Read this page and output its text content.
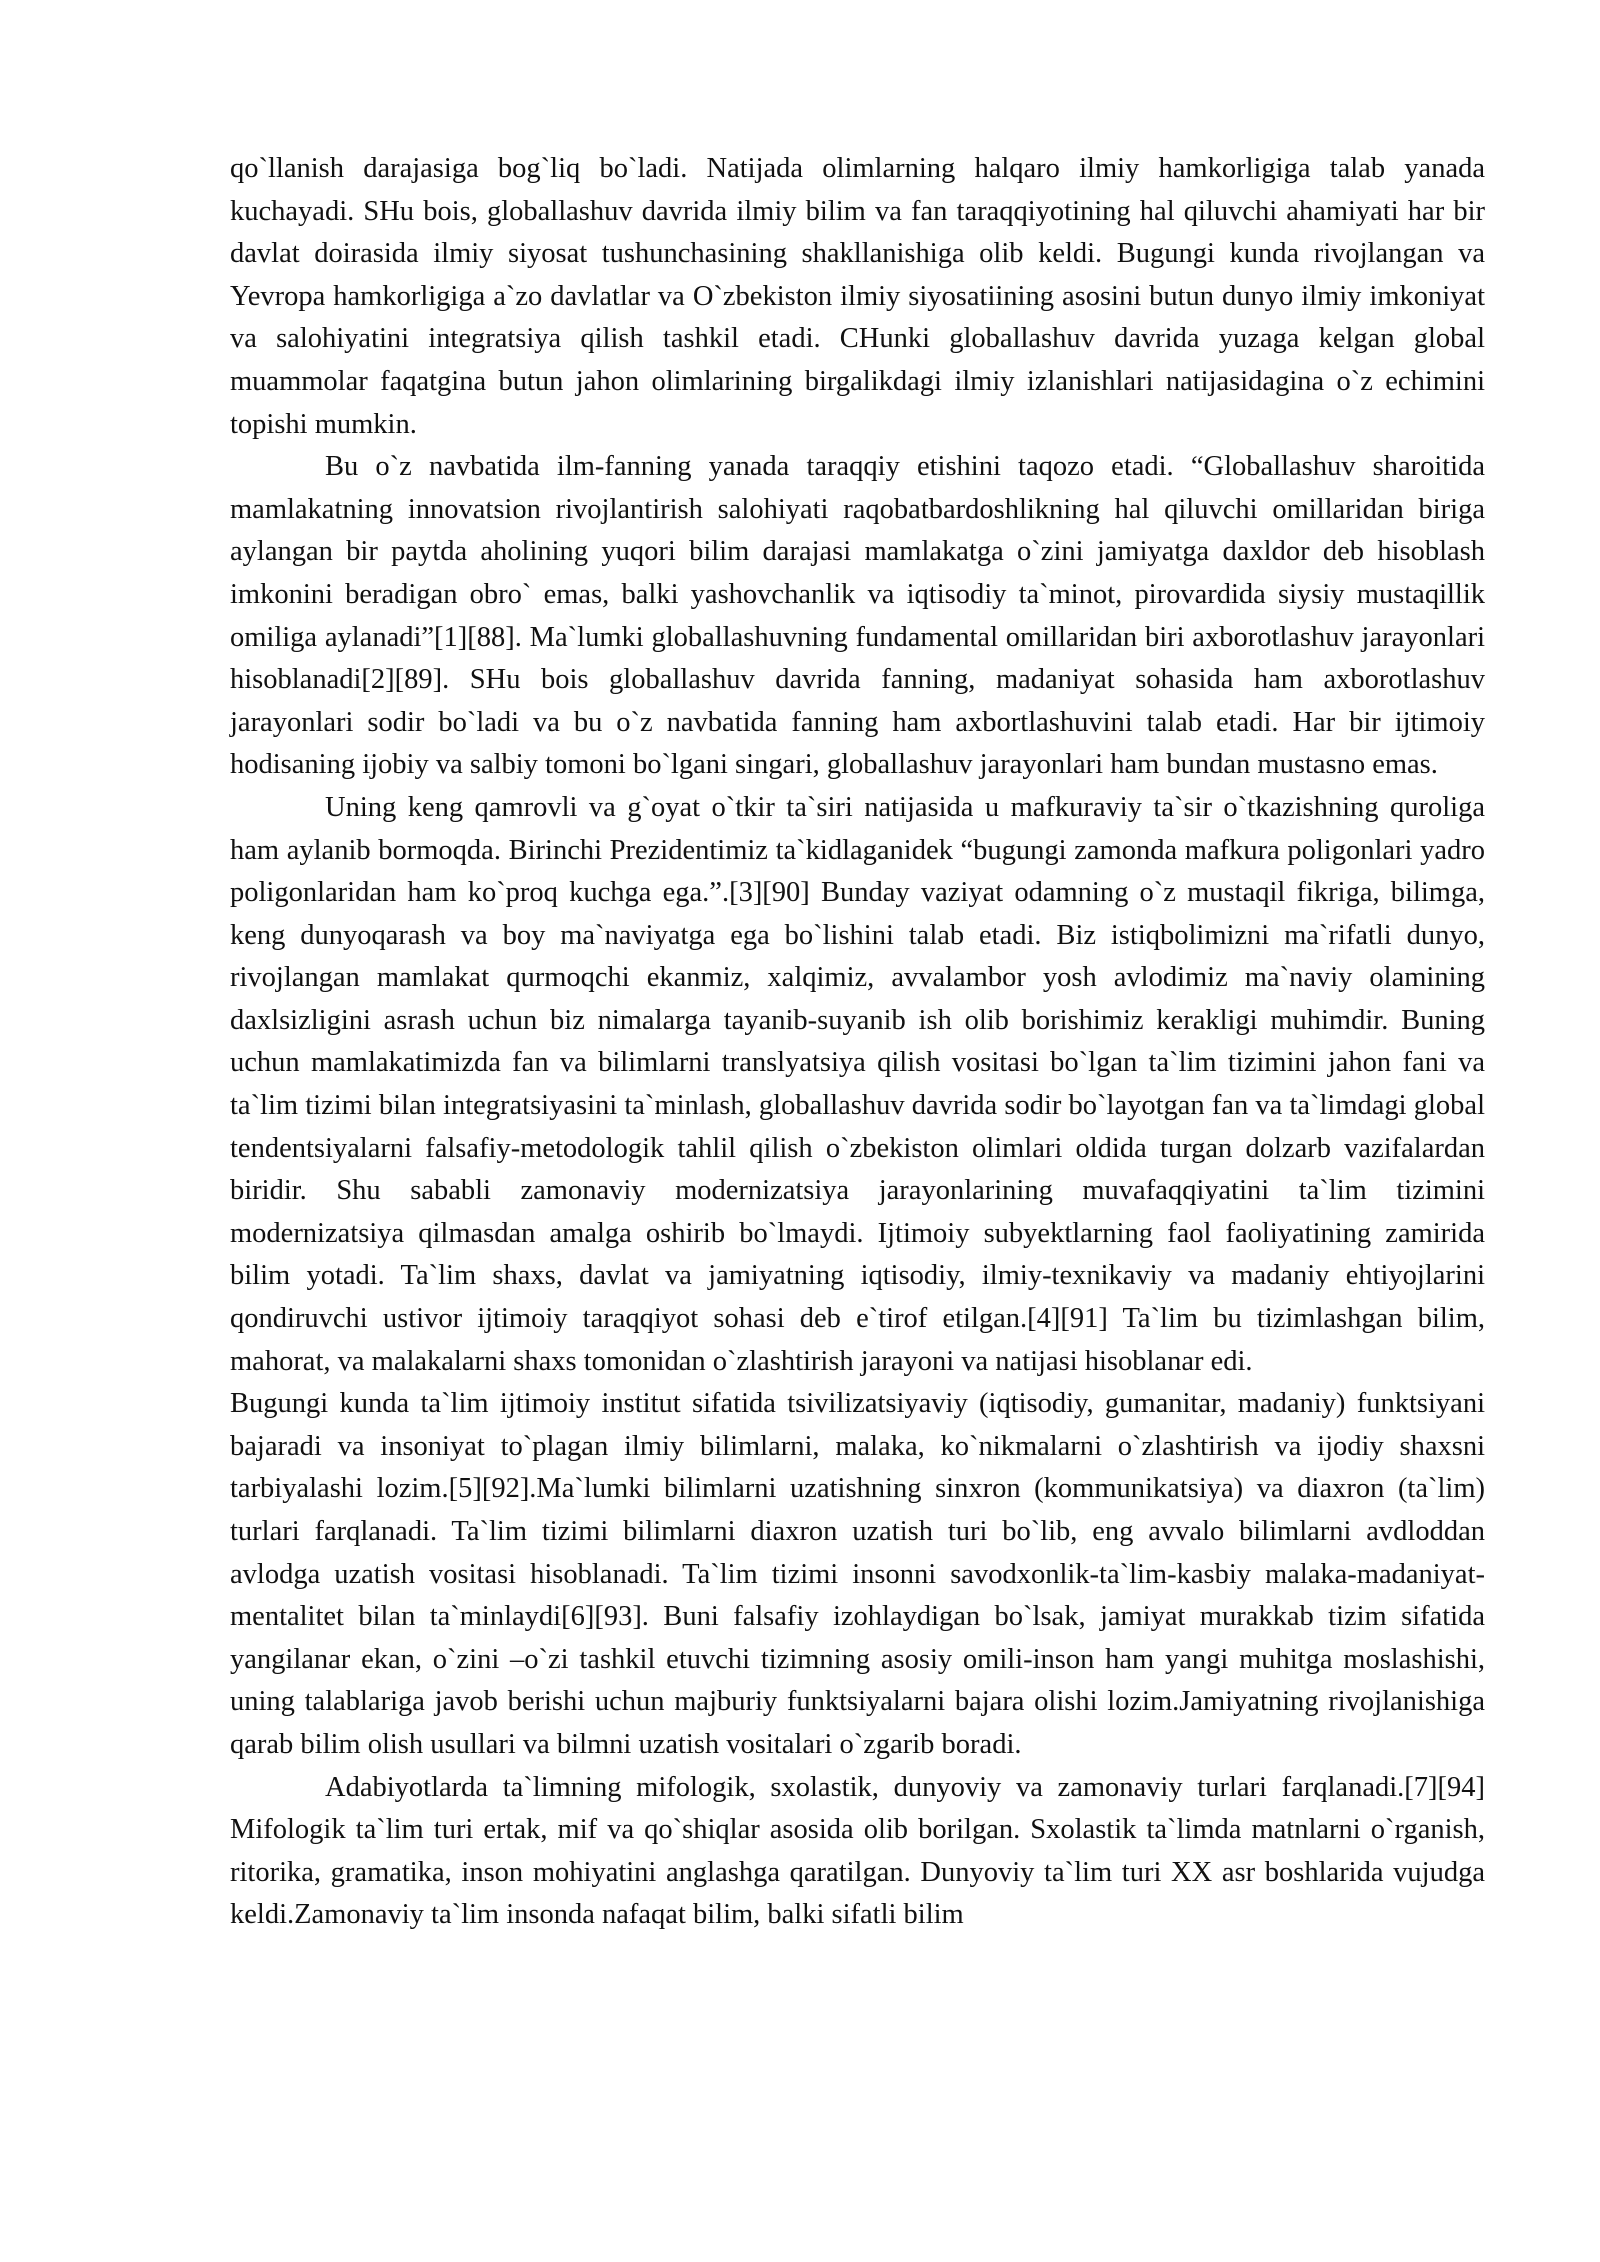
qo`llanish darajasiga bog`liq bo`ladi. Natijada olimlarning halqaro ilmiy hamkorligiga talab yanada kuchayadi. SHu bois, globallashuv davrida ilmiy bilim va fan taraqqiyotining hal qiluvchi ahamiyati har bir davlat doirasida ilmiy siyosat tushunchasining shakllanishiga olib keldi. Bugungi kunda rivojlangan va Yevropa hamkorligiga a`zo davlatlar va O`zbekiston ilmiy siyosatiining asosini butun dunyo ilmiy imkoniyat va salohiyatini integratsiya qilish tashkil etadi. CHunki globallashuv davrida yuzaga kelgan global muammolar faqatgina butun jahon olimlarining birgalikdagi ilmiy izlanishlari natijasidagina o`z echimini topishi mumkin.

Bu o`z navbatida ilm-fanning yanada taraqqiy etishini taqozo etadi. “Globallashuv sharoitida mamlakatning innovatsion rivojlantirish salohiyati raqobatbardoshlikning hal qiluvchi omillaridan biriga aylangan bir paytda aholining yuqori bilim darajasi mamlakatga o`zini jamiyatga daxldor deb hisoblash imkonini beradigan obro` emas, balki yashovchanlik va iqtisodiy ta`minot, pirovardida siysiy mustaqillik omiliga aylanadi”[1][88]. Ma`lumki globallashuvning fundamental omillaridan biri axborotlashuv jarayonlari hisoblanadi[2][89]. SHu bois globallashuv davrida fanning, madaniyat sohasida ham axborotlashuv jarayonlari sodir bo`ladi va bu o`z navbatida fanning ham axbortlashuvini talab etadi. Har bir ijtimoiy hodisaning ijobiy va salbiy tomoni bo`lgani singari, globallashuv jarayonlari ham bundan mustasno emas.

Uning keng qamrovli va g`oyat o`tkir ta`siri natijasida u mafkuraviy ta`sir o`tkazishning quroliga ham aylanib bormoqda. Birinchi Prezidentimiz ta`kidlaganidek “bugungi zamonda mafkura poligonlari yadro poligonlaridan ham ko`proq kuchga ega.”.[3][90] Bunday vaziyat odamning o`z mustaqil fikriga, bilimga, keng dunyoqarash va boy ma`naviyatga ega bo`lishini talab etadi. Biz istiqbolimizni ma`rifatli dunyo, rivojlangan mamlakat qurmoqchi ekanmiz, xalqimiz, avvalambor yosh avlodimiz ma`naviy olamining daxlsizligini asrash uchun biz nimalarga tayanib-suyanib ish olib borishimiz kerakligi muhimdir. Buning uchun mamlakatimizda fan va bilimlarni translyatsiya qilish vositasi bo`lgan ta`lim tizimini jahon fani va ta`lim tizimi bilan integratsiyasini ta`minlash, globallashuv davrida sodir bo`layotgan fan va ta`limdagi global tendentsiyalarni falsafiy-metodologik tahlil qilish o`zbekiston olimlari oldida turgan dolzarb vazifalardan biridir. Shu sababli zamonaviy modernizatsiya jarayonlarining muvafaqqiyatini ta`lim tizimini modernizatsiya qilmasdan amalga oshirib bo`lmaydi. Ijtimoiy subyektlarning faol faoliyatining zamirida bilim yotadi. Ta`lim shaxs, davlat va jamiyatning iqtisodiy, ilmiy-texnikaviy va madaniy ehtiyojlarini qondiruvchi ustivor ijtimoiy taraqqiyot sohasi deb e`tirof etilgan.[4][91] Ta`lim bu tizimlashgan bilim, mahorat, va malakalarni shaxs tomonidan o`zlashtirish jarayoni va natijasi hisoblanar edi.

Bugungi kunda ta`lim ijtimoiy institut sifatida tsivilizatsiyaviy (iqtisodiy, gumanitar, madaniy) funktsiyani bajaradi va insoniyat to`plagan ilmiy bilimlarni, malaka, ko`nikmalarni o`zlashtirish va ijodiy shaxsni tarbiyalashi lozim.[5][92].Ma`lumki bilimlarni uzatishning sinxron (kommunikatsiya) va diaxron (ta`lim) turlari farqlanadi. Ta`lim tizimi bilimlarni diaxron uzatish turi bo`lib, eng avvalo bilimlarni avdloddan avlodga uzatish vositasi hisoblanadi. Ta`lim tizimi insonni savodxonlik-ta`lim-kasbiy malaka-madaniyat-mentalitet bilan ta`minlaydi[6][93]. Buni falsafiy izohlaydigan bo`lsak, jamiyat murakkab tizim sifatida yangilanar ekan, o`zini –o`zi tashkil etuvchi tizimning asosiy omili-inson ham yangi muhitga moslashishi, uning talablariga javob berishi uchun majburiy funktsiyalarni bajara olishi lozim.Jamiyatning rivojlanishiga qarab bilim olish usullari va bilmni uzatish vositalari o`zgarib boradi.

Adabiyotlarda ta`limning mifologik, sxolastik, dunyoviy va zamonaviy turlari farqlanadi.[7][94] Mifologik ta`lim turi ertak, mif va qo`shiqlar asosida olib borilgan. Sxolastik ta`limda matnlarni o`rganish, ritorika, gramatika, inson mohiyatini anglashga qaratilgan. Dunyoviy ta`lim turi XX asr boshlarida vujudga keldi.Zamonaviy ta`lim insonda nafaqat bilim, balki sifatli bilim
